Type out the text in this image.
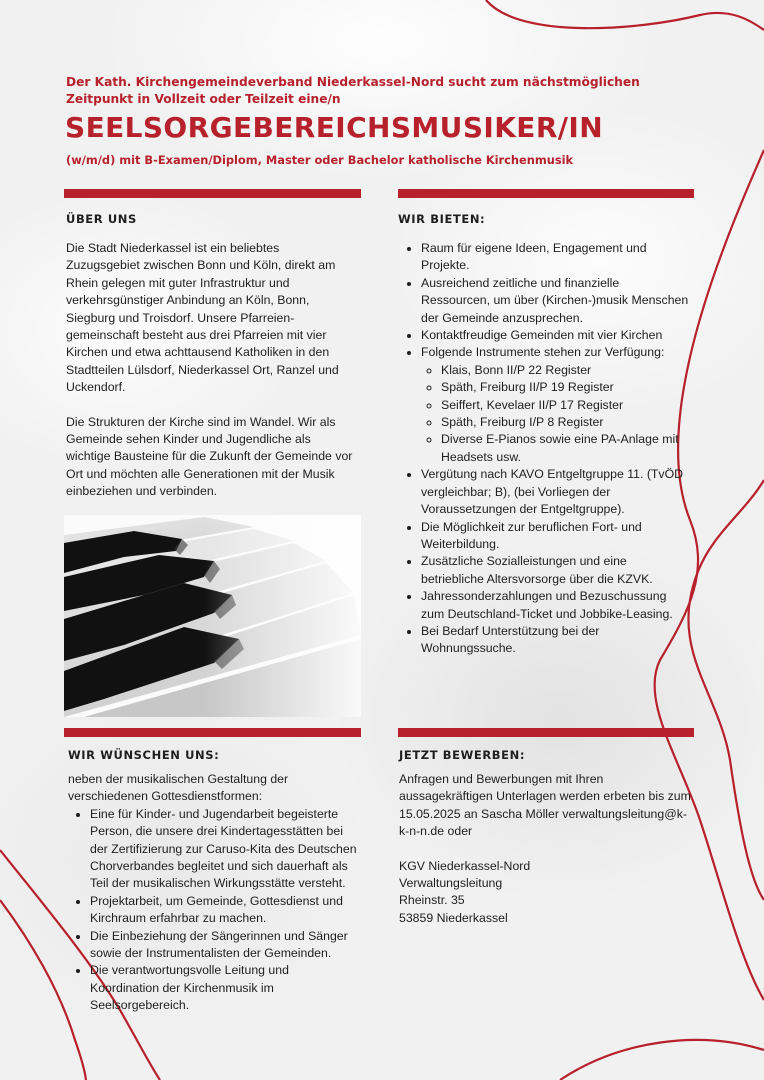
Der Kath. Kirchengemeindeverband Niederkassel-Nord sucht zum nächstmöglichen Zeitpunkt in Vollzeit oder Teilzeit eine/n
SEELSORGEBEREICHSMUSIKER/IN
(w/m/d) mit B-Examen/Diplom, Master oder Bachelor katholische Kirchenmusik
ÜBER UNS

Die Stadt Niederkassel ist ein beliebtes Zuzugsgebiet zwischen Bonn und Köln, direkt am Rhein gelegen mit guter Infrastruktur und verkehrsgünstiger Anbindung an Köln, Bonn, Siegburg und Troisdorf. Unsere Pfarreien-gemeinschaft besteht aus drei Pfarreien mit vier Kirchen und etwa achttausend Katholiken in den Stadtteilen Lülsdorf, Niederkassel Ort, Ranzel und Uckendorf.

Die Strukturen der Kirche sind im Wandel. Wir als Gemeinde sehen Kinder und Jugendliche als wichtige Bausteine für die Zukunft der Gemeinde vor Ort und möchten alle Generationen mit der Musik einbeziehen und verbinden.

WIR BIETEN:
• Raum für eigene Ideen, Engagement und Projekte.
• Ausreichend zeitliche und finanzielle Ressourcen, um über (Kirchen-)musik Menschen der Gemeinde anzusprechen.
• Kontaktfreudige Gemeinden mit vier Kirchen
• Folgende Instrumente stehen zur Verfügung:
◦ Klais, Bonn II/P 22 Register
◦ Späth, Freiburg II/P 19 Register
◦ Seiffert, Kevelaer II/P 17 Register
◦ Späth, Freiburg I/P 8 Register
◦ Diverse E-Pianos sowie eine PA-Anlage mit Headsets usw.
• Vergütung nach KAVO Entgeltgruppe 11. (TvÖD vergleichbar; B), (bei Vorliegen der Voraussetzungen der Entgeltgruppe).
• Die Möglichkeit zur beruflichen Fort- und Weiterbildung.
• Zusätzliche Sozialleistungen und eine betriebliche Altersvorsorge über die KZVK.
• Jahressonderzahlungen und Bezuschussung zum Deutschland-Ticket und Jobbike-Leasing.
• Bei Bedarf Unterstützung bei der Wohnungssuche.
WIR WÜNSCHEN UNS:

neben der musikalischen Gestaltung der verschiedenen Gottesdienstformen:

• Eine für Kinder- und Jugendarbeit begeisterte Person, die unsere drei Kindertagesstätten bei der Zertifizierung zur Caruso-Kita des Deutschen Chorverbandes begleitet und sich dauerhaft als Teil der musikalischen Wirkungsstätte versteht.
• Projektarbeit, um Gemeinde, Gottesdienst und Kirchraum erfahrbar zu machen.
• Die Einbeziehung der Sängerinnen und Sänger sowie der Instrumentalisten der Gemeinden.
• Die verantwortungsvolle Leitung und Koordination der Kirchenmusik im Seelsorgebereich.
JETZT BEWERBEN:

Anfragen und Bewerbungen mit Ihren aussagekräftigen Unterlagen werden erbeten bis zum 15.05.2025 an Sascha Möller verwaltungsleitung@k-k-n-n.de oder

KGV Niederkassel-Nord
Verwaltungsleitung
Rheinstr. 35
53859 Niederkassel
